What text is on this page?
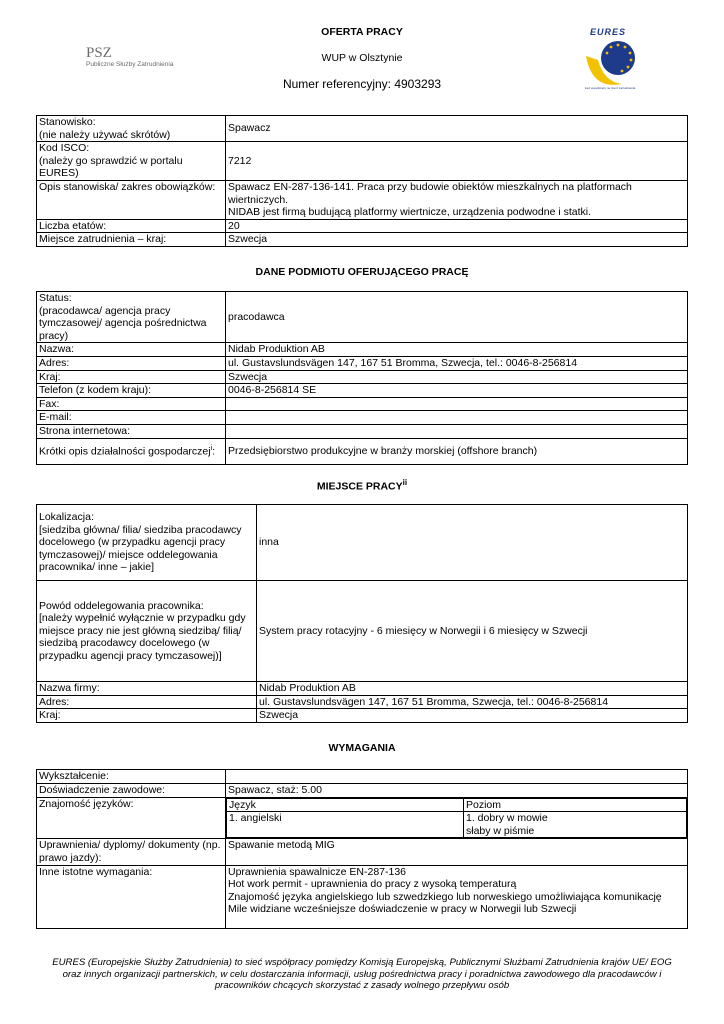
PSZ
Publiczne Służby Zatrudnienia
OFERTA PRACY
WUP w Olsztynie
Numer referencyjny: 4903293
EURES
sieć współpracy na rzecz zatrudnienia
Stanowisko:
(nie należy używać skrótów)	Spawacz
Kod ISCO:
(należy go sprawdzić w portalu EURES)	7212
Opis stanowiska/ zakres obowiązków:	Spawacz EN-287-136-141. Praca przy budowie obiektów mieszkalnych na platformach wiertniczych.
NIDAB jest firmą budującą platformy wiertnicze, urządzenia podwodne i statki.
Liczba etatów:	20
Miejsce zatrudnienia – kraj:	Szwecja
DANE PODMIOTU OFERUJĄCEGO PRACĘ
Status:
(pracodawca/ agencja pracy tymczasowej/ agencja pośrednictwa pracy)	pracodawca
Nazwa:	Nidab Produktion AB
Adres:	ul. Gustavslundsvägen 147, 167 51 Bromma, Szwecja, tel.: 0046-8-256814
Kraj:	Szwecja
Telefon (z kodem kraju):	0046-8-256814 SE
Fax:	
E-mail:	
Strona internetowa:	
Krótki opis działalności gospodarczej$^i$:	Przedsiębiorstwo produkcyjne w branży morskiej (offshore branch)
MIEJSCE PRACY$^{ii}$
Lokalizacja:
[siedziba główna/ filia/ siedziba pracodawcy docelowego (w przypadku agencji pracy tymczasowej)/ miejsce oddelegowania pracownika/ inne – jakie]	inna
Powód oddelegowania pracownika:
[należy wypełnić wyłącznie w przypadku gdy miejsce pracy nie jest główną siedzibą/ filią/ siedzibą pracodawcy docelowego (w przypadku agencji pracy tymczasowej)]	System pracy rotacyjny - 6 miesięcy w Norwegii i 6 miesięcy w Szwecji
Nazwa firmy:	Nidab Produktion AB
Adres:	ul. Gustavslundsvägen 147, 167 51 Bromma, Szwecja, tel.: 0046-8-256814
Kraj:	Szwecja
WYMAGANIA
Wykształcenie:	
Doświadczenie zawodowe:	Spawacz, staż: 5.00
Znajomość języków:		Język	Poziom
1. angielski	1. dobry w mowie
słaby w piśmie

Uprawnienia/ dyplomy/ dokumenty (np. prawo jazdy):	Spawanie metodą MIG
Inne istotne wymagania:	Uprawnienia spawalnicze EN-287-136
Hot work permit - uprawnienia do pracy z wysoką temperaturą
Znajomość języka angielskiego lub szwedzkiego lub norweskiego umożliwiająca komunikację
Mile widziane wcześniejsze doświadczenie w pracy w Norwegii lub Szwecji
EURES (Europejskie Służby Zatrudnienia) to sieć współpracy pomiędzy Komisją Europejską, Publicznymi Służbami Zatrudnienia krajów UE/ EOG oraz innych organizacji partnerskich, w celu dostarczania informacji, usług pośrednictwa pracy i poradnictwa zawodowego dla pracodawców i pracowników chcących skorzystać z zasady wolnego przepływu osób
